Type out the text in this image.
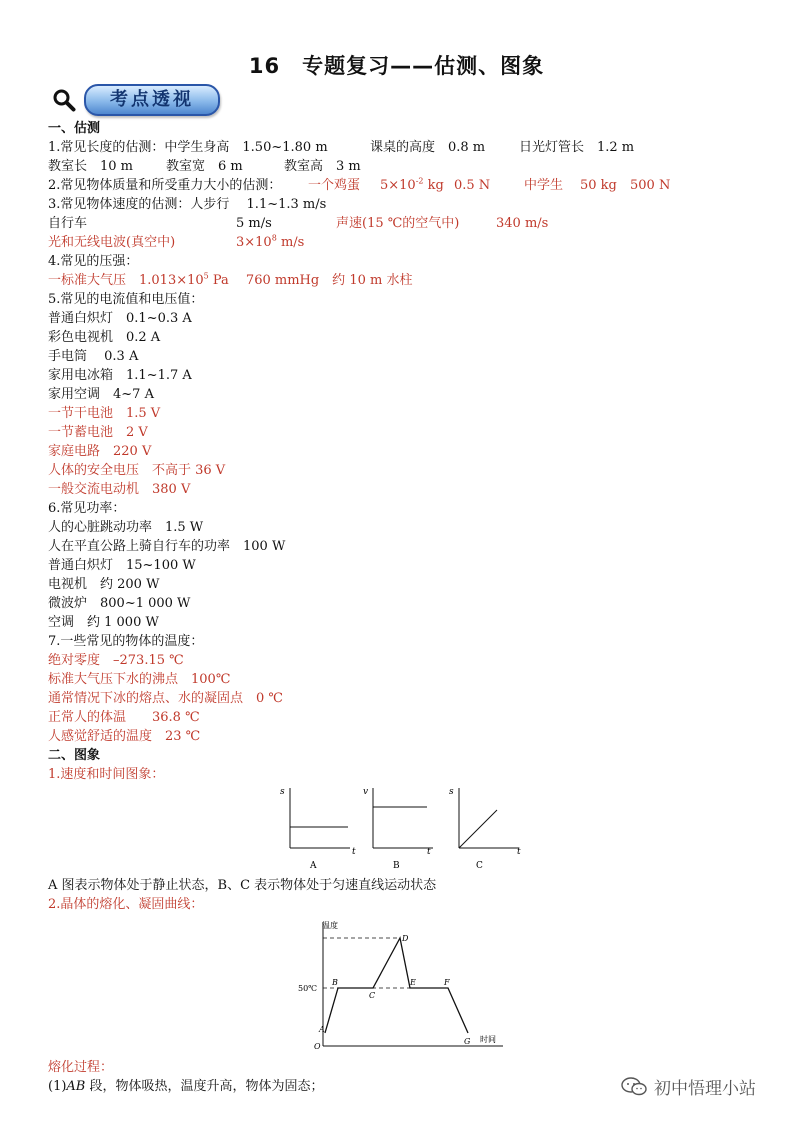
16　专题复习——估测、图象
考点透视
一、估测
1.常见长度的估测：中学生身高　1.50~1.80 m	课桌的高度　0.8 m	日光灯管长　1.2 m
教室长　10 m	教室宽　6 m	教室高　3 m
2.常见物体质量和所受重力大小的估测： 一个鸡蛋 $5\times 10^{-2}$ kg 0.5 N	中学生 50 kg 500 N
3.常见物体速度的估测：人步行　 1.1~1.3 m/s
自行车	5 m/s	声速(15 ℃的空气中)	340 m/s
光和无线电波(真空中)	$3\times 10^8$ m/s
4.常见的压强：
一标准大气压　$1.013\times 10^5$ Pa　 760 mmHg　约 10 m 水柱
5.常见的电流值和电压值：
普通白炽灯　0.1~0.3 A
彩色电视机　0.2 A
手电筒　 0.3 A
家用电冰箱　1.1~1.7 A
家用空调　4~7 A
一节干电池　1.5 V
一节蓄电池　2 V
家庭电路　220 V
人体的安全电压　不高于 36 V
一般交流电动机　380 V
6.常见功率：
人的心脏跳动功率　1.5 W
人在平直公路上骑自行车的功率　100 W
普通白炽灯　15~100 W
电视机　约 200 W
微波炉　800~1 000 W
空调　约 1 000 W
7.一些常见的物体的温度：
绝对零度　–273.15 ℃
标准大气压下水的沸点　100℃
通常情况下冰的熔点、水的凝固点　0 ℃
正常人的体温　　36.8 ℃
人感觉舒适的温度　23 ℃
二、图象
1.速度和时间图象：
s
t
A
v
t
B
s
t
C
A 图表示物体处于静止状态，B、C 表示物体处于匀速直线运动状态
2.晶体的熔化、凝固曲线：
温度
时间
50℃
O
A
B
C
D
E	F
G
熔化过程：
(1)AB 段，物体吸热，温度升高，物体为固态；	初中悟理小站
